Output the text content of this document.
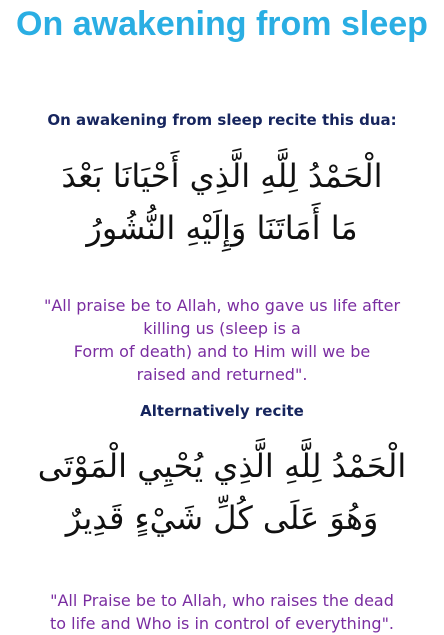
On awakening from sleep

On awakening from sleep recite this dua:

الْحَمْدُ لِلَّهِ الَّذِي أَحْيَانَا بَعْدَ
مَا أَمَاتَنَا وَإِلَيْهِ النُّشُورُ

"All praise be to Allah, who gave us life after
killing us (sleep is a
Form of death) and to Him will we be
raised and returned".

Alternatively recite

الْحَمْدُ لِلَّهِ الَّذِي يُحْيِي الْمَوْتَى
وَهُوَ عَلَى كُلِّ شَيْءٍ قَدِيرٌ

"All Praise be to Allah, who raises the dead
to life and Who is in control of everything".
